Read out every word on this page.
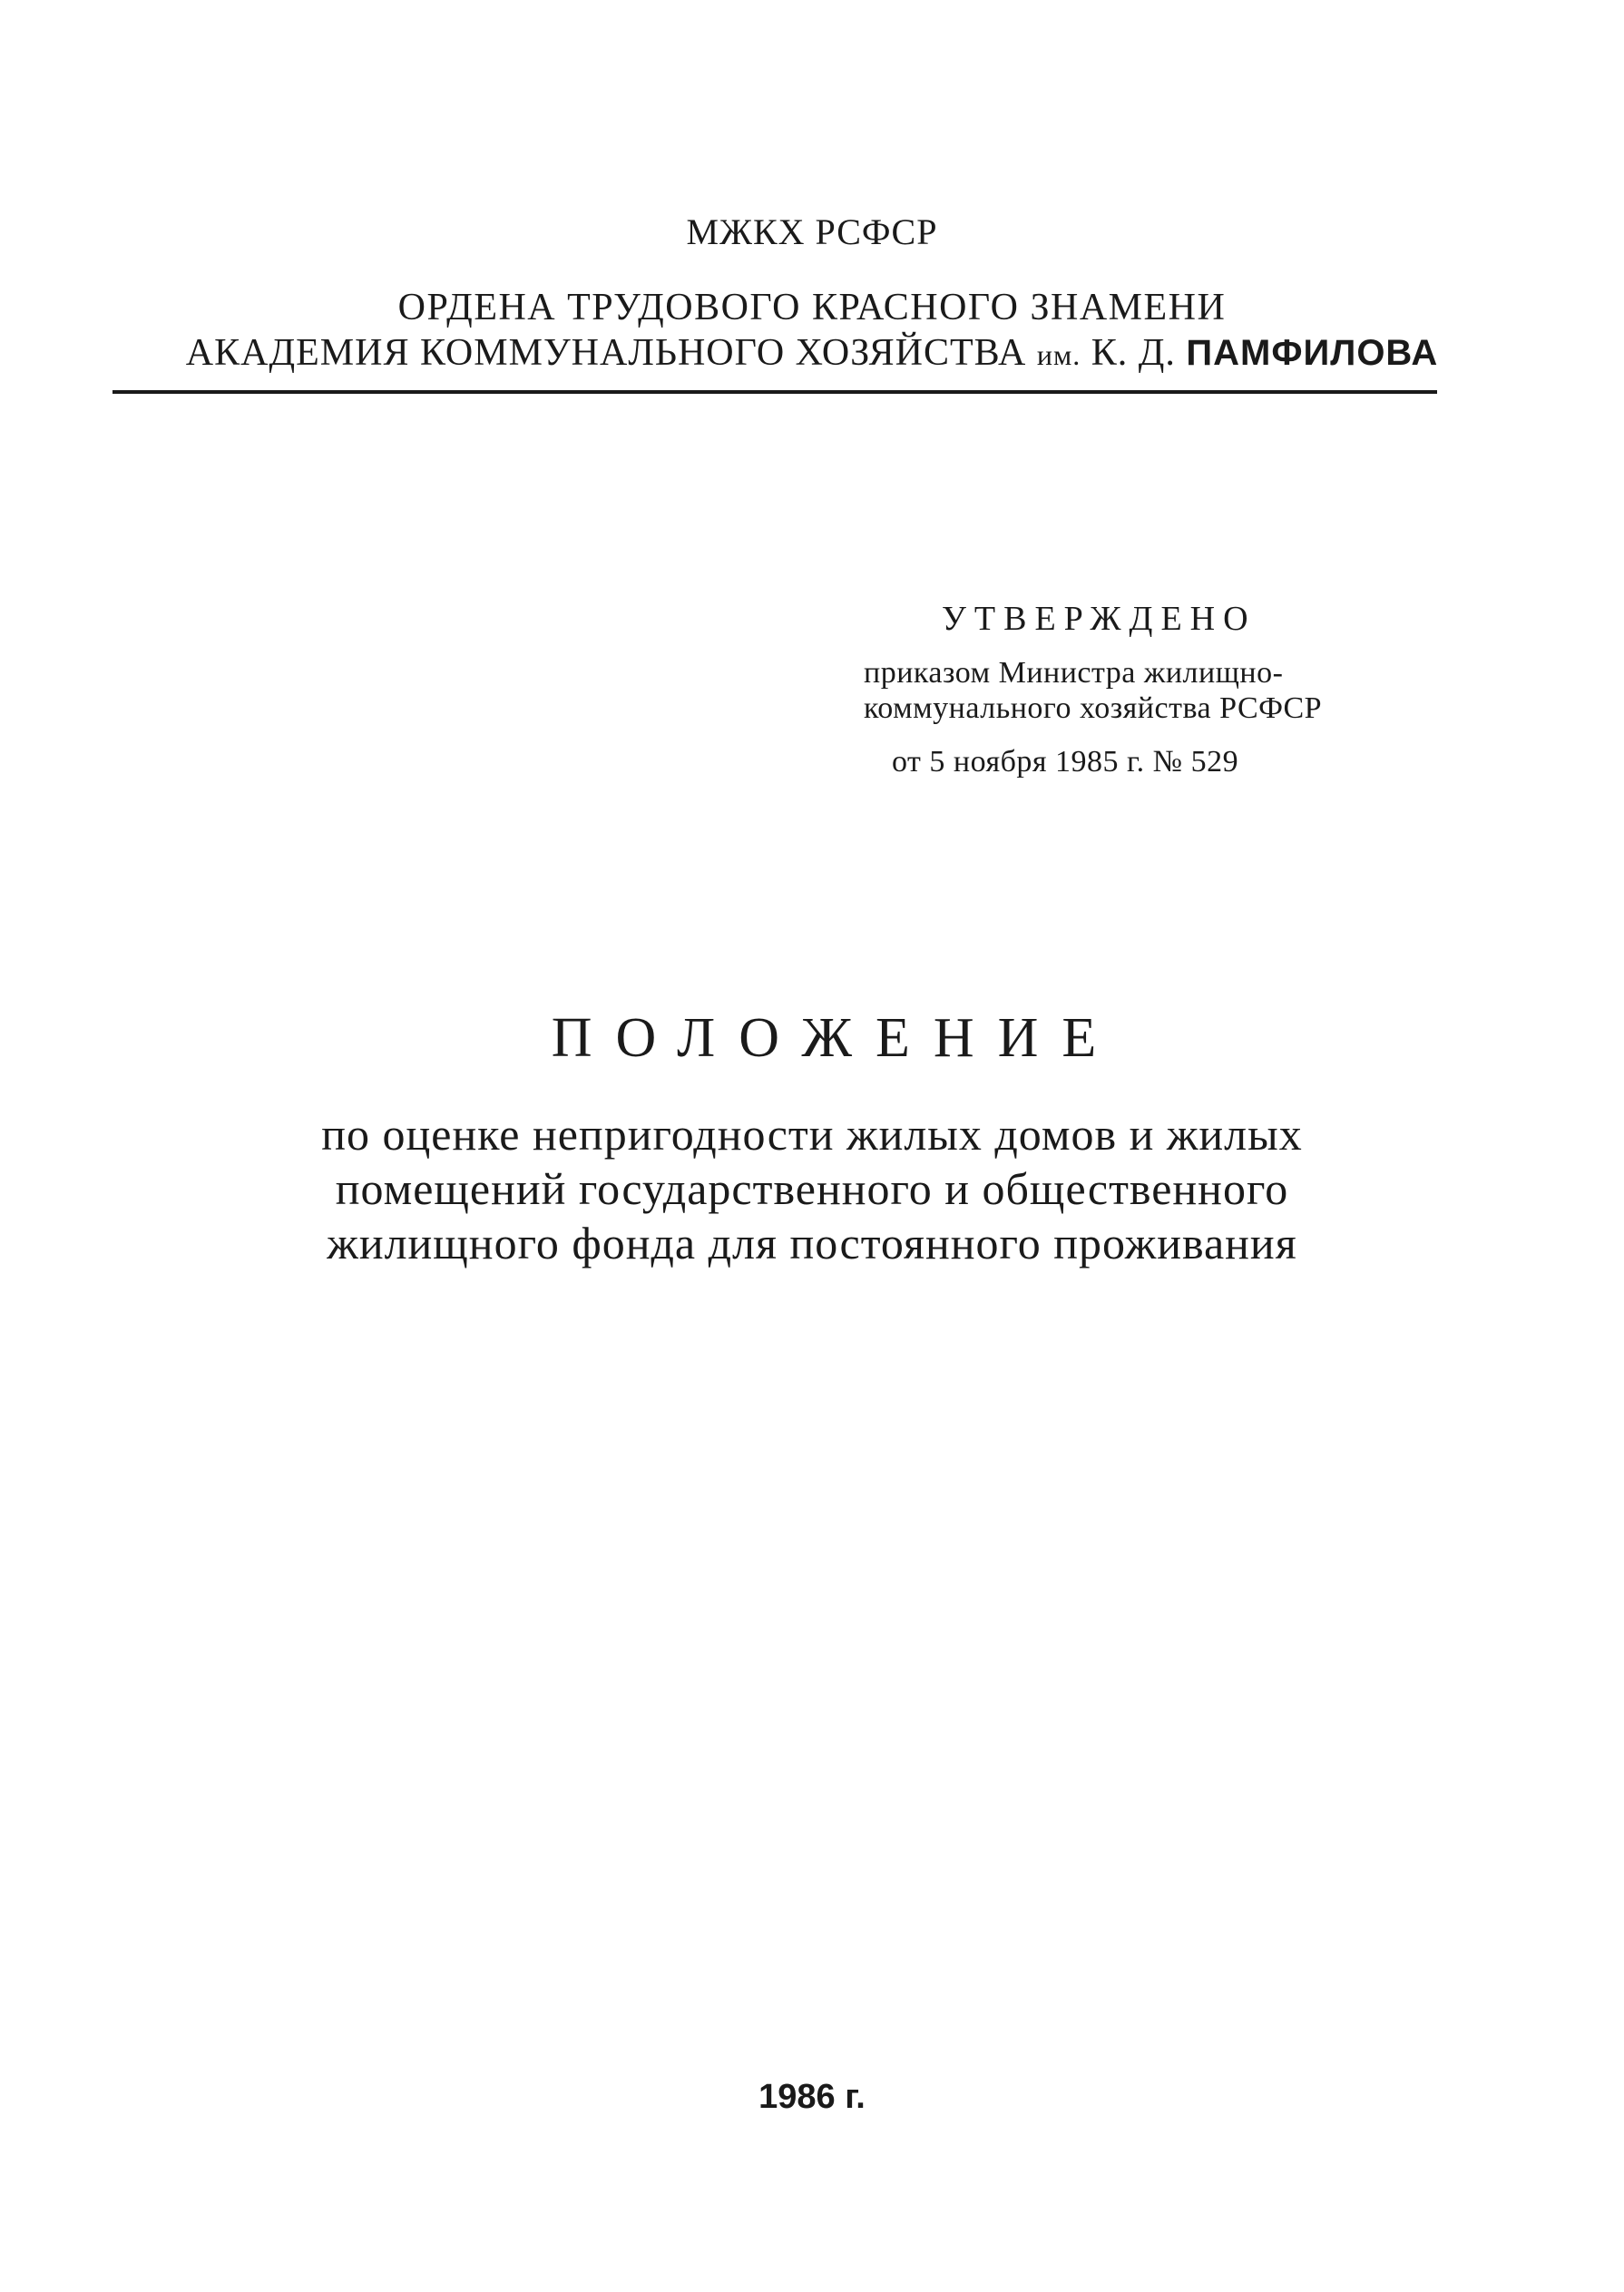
МЖКХ РСФСР
ОРДЕНА ТРУДОВОГО КРАСНОГО ЗНАМЕНИ
АКАДЕМИЯ КОММУНАЛЬНОГО ХОЗЯЙСТВА им. К. Д. ПАМФИЛОВА
УТВЕРЖДЕНО
приказом Министра жилищно-
коммунального хозяйства РСФСР
от 5 ноября 1985 г. № 529
ПОЛОЖЕНИЕ
по оценке непригодности жилых домов и жилых
помещений государственного и общественного
жилищного фонда для постоянного проживания
1986 г.
